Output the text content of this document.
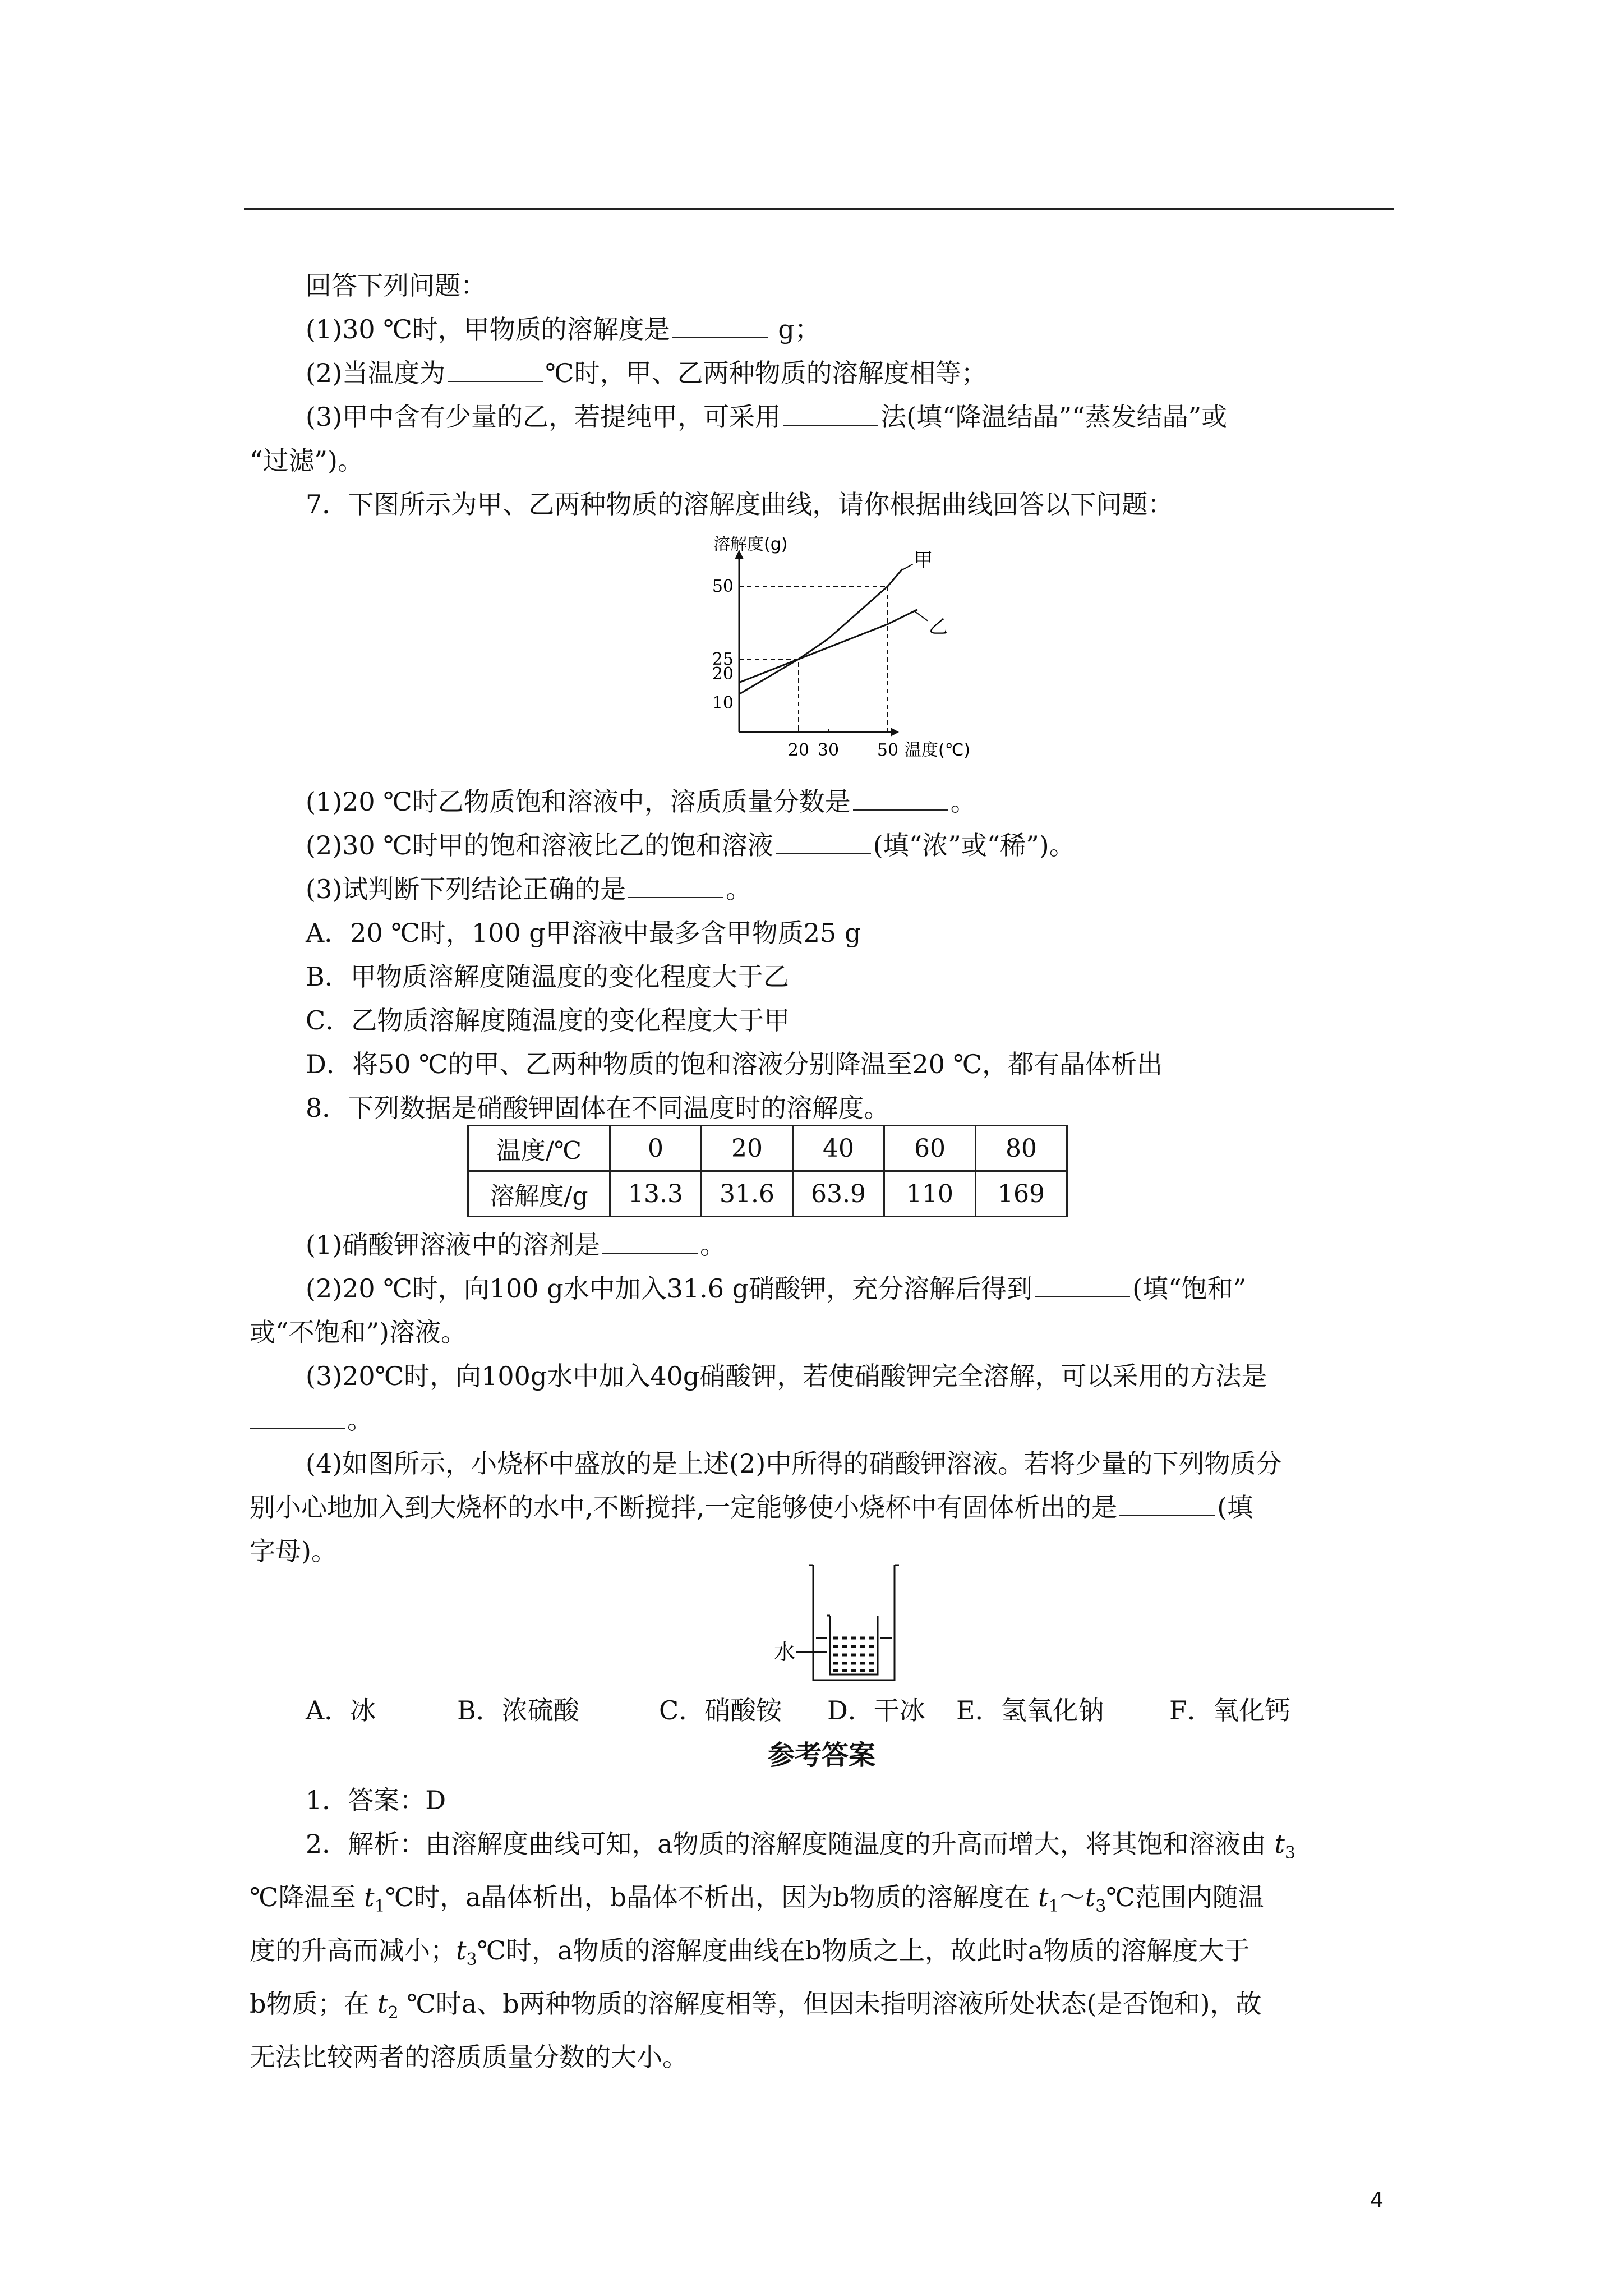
回答下列问题：

(1)30 ℃时，甲物质的溶解度是	g；

(2)当温度为	℃时，甲、乙两种物质的溶解度相等；

(3)甲中含有少量的乙，若提纯甲，可采用	法(填“降温结晶”“蒸发结晶”或

“过滤”)。

7．下图所示为甲、乙两种物质的溶解度曲线，请你根据曲线回答以下问题：

溶解度(g)
温度(℃)
10
20
25
50
20 30 50
甲
乙

(1)20 ℃时乙物质饱和溶液中，溶质质量分数是	。

(2)30 ℃时甲的饱和溶液比乙的饱和溶液	(填“浓”或“稀”)。

(3)试判断下列结论正确的是	。

A．20 ℃时，100 g甲溶液中最多含甲物质25 g

B．甲物质溶解度随温度的变化程度大于乙

C．乙物质溶解度随温度的变化程度大于甲

D．将50 ℃的甲、乙两种物质的饱和溶液分别降温至20 ℃，都有晶体析出

8．下列数据是硝酸钾固体在不同温度时的溶解度。

温度/℃	0	20	40	60	80
溶解度/g	13.3	31.6	63.9	110	169

(1)硝酸钾溶液中的溶剂是	。

(2)20 ℃时，向100 g水中加入31.6 g硝酸钾，充分溶解后得到	(填“饱和”

或“不饱和”)溶液。

(3)20℃时，向100g水中加入40g硝酸钾，若使硝酸钾完全溶解，可以采用的方法是

。

(4)如图所示，小烧杯中盛放的是上述(2)中所得的硝酸钾溶液。若将少量的下列物质分

别小心地加入到大烧杯的水中,不断搅拌,一定能够使小烧杯中有固体析出的是	(填

字母)。

水

A．冰	B．浓硫酸	C．硝酸铵 D．干冰 E．氢氧化钠	F．氧化钙

参考答案

1．答案：D

2．解析：由溶解度曲线可知，a物质的溶解度随温度的升高而增大，将其饱和溶液由 $t_3$

℃降温至 $t_1℃$时，a晶体析出，b晶体不析出，因为b物质的溶解度在 $t_1\sim t_3℃$范围内随温

度的升高而减小；$t_3℃$时，a物质的溶解度曲线在b物质之上，故此时a物质的溶解度大于

b物质；在 $t_2$ ℃时a、b两种物质的溶解度相等，但因未指明溶液所处状态(是否饱和)，故

无法比较两者的溶质质量分数的大小。

4
